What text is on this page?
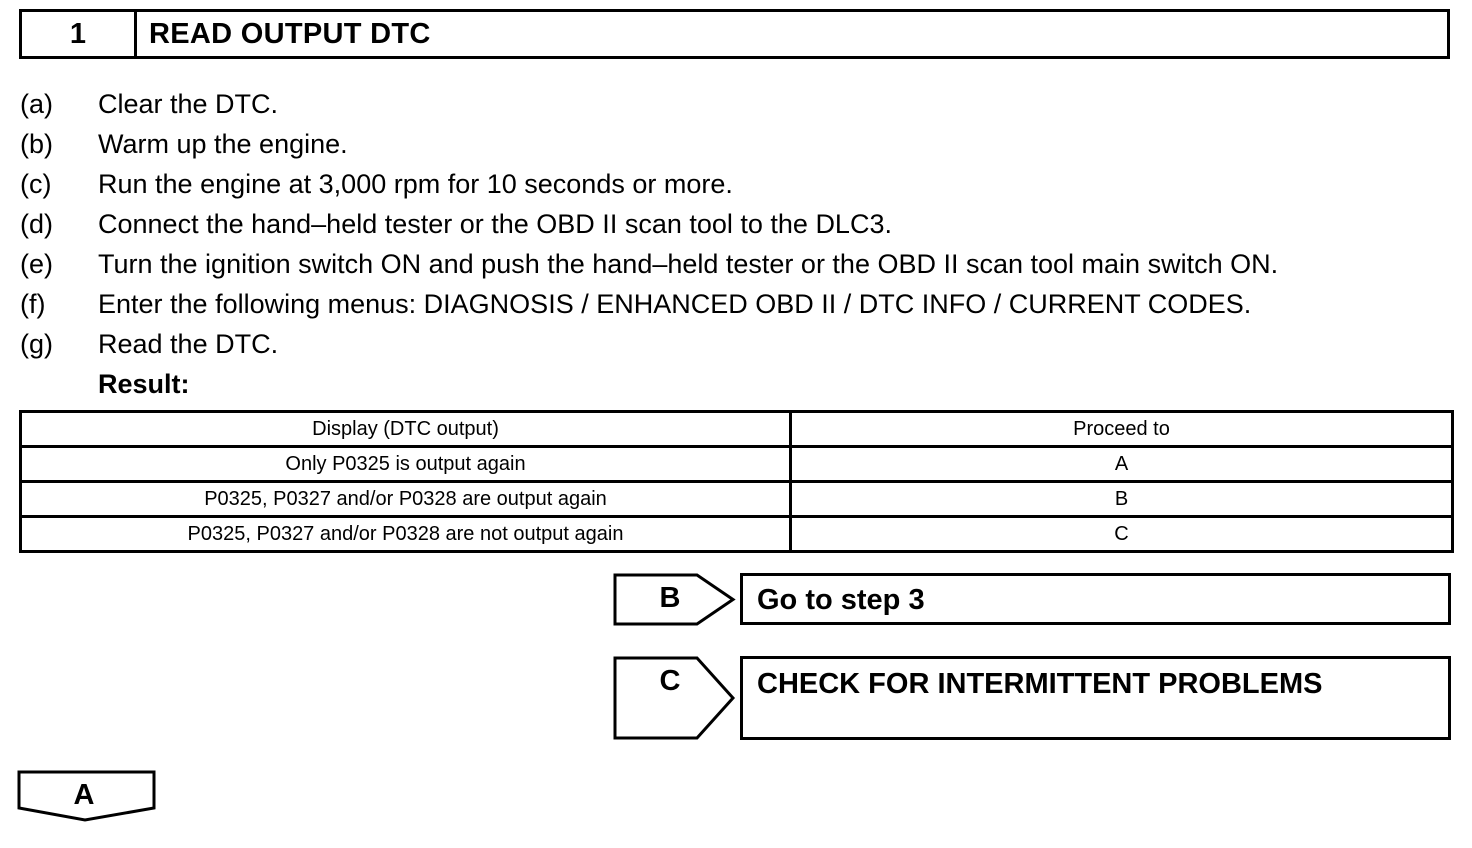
1	READ OUTPUT DTC
(a)	Clear the DTC.
(b)	Warm up the engine.
(c)	Run the engine at 3,000 rpm for 10 seconds or more.
(d)	Connect the hand–held tester or the OBD II scan tool to the DLC3.
(e)	Turn the ignition switch ON and push the hand–held tester or the OBD II scan tool main switch ON.
(f)	Enter the following menus: DIAGNOSIS / ENHANCED OBD II / DTC INFO / CURRENT CODES.
(g)	Read the DTC.
Result:
Display (DTC output)	Proceed to
Only P0325 is output again	A
P0325, P0327 and/or P0328 are output again	B
P0325, P0327 and/or P0328 are not output again	C
B	Go to step 3
C	CHECK FOR INTERMITTENT PROBLEMS
A
